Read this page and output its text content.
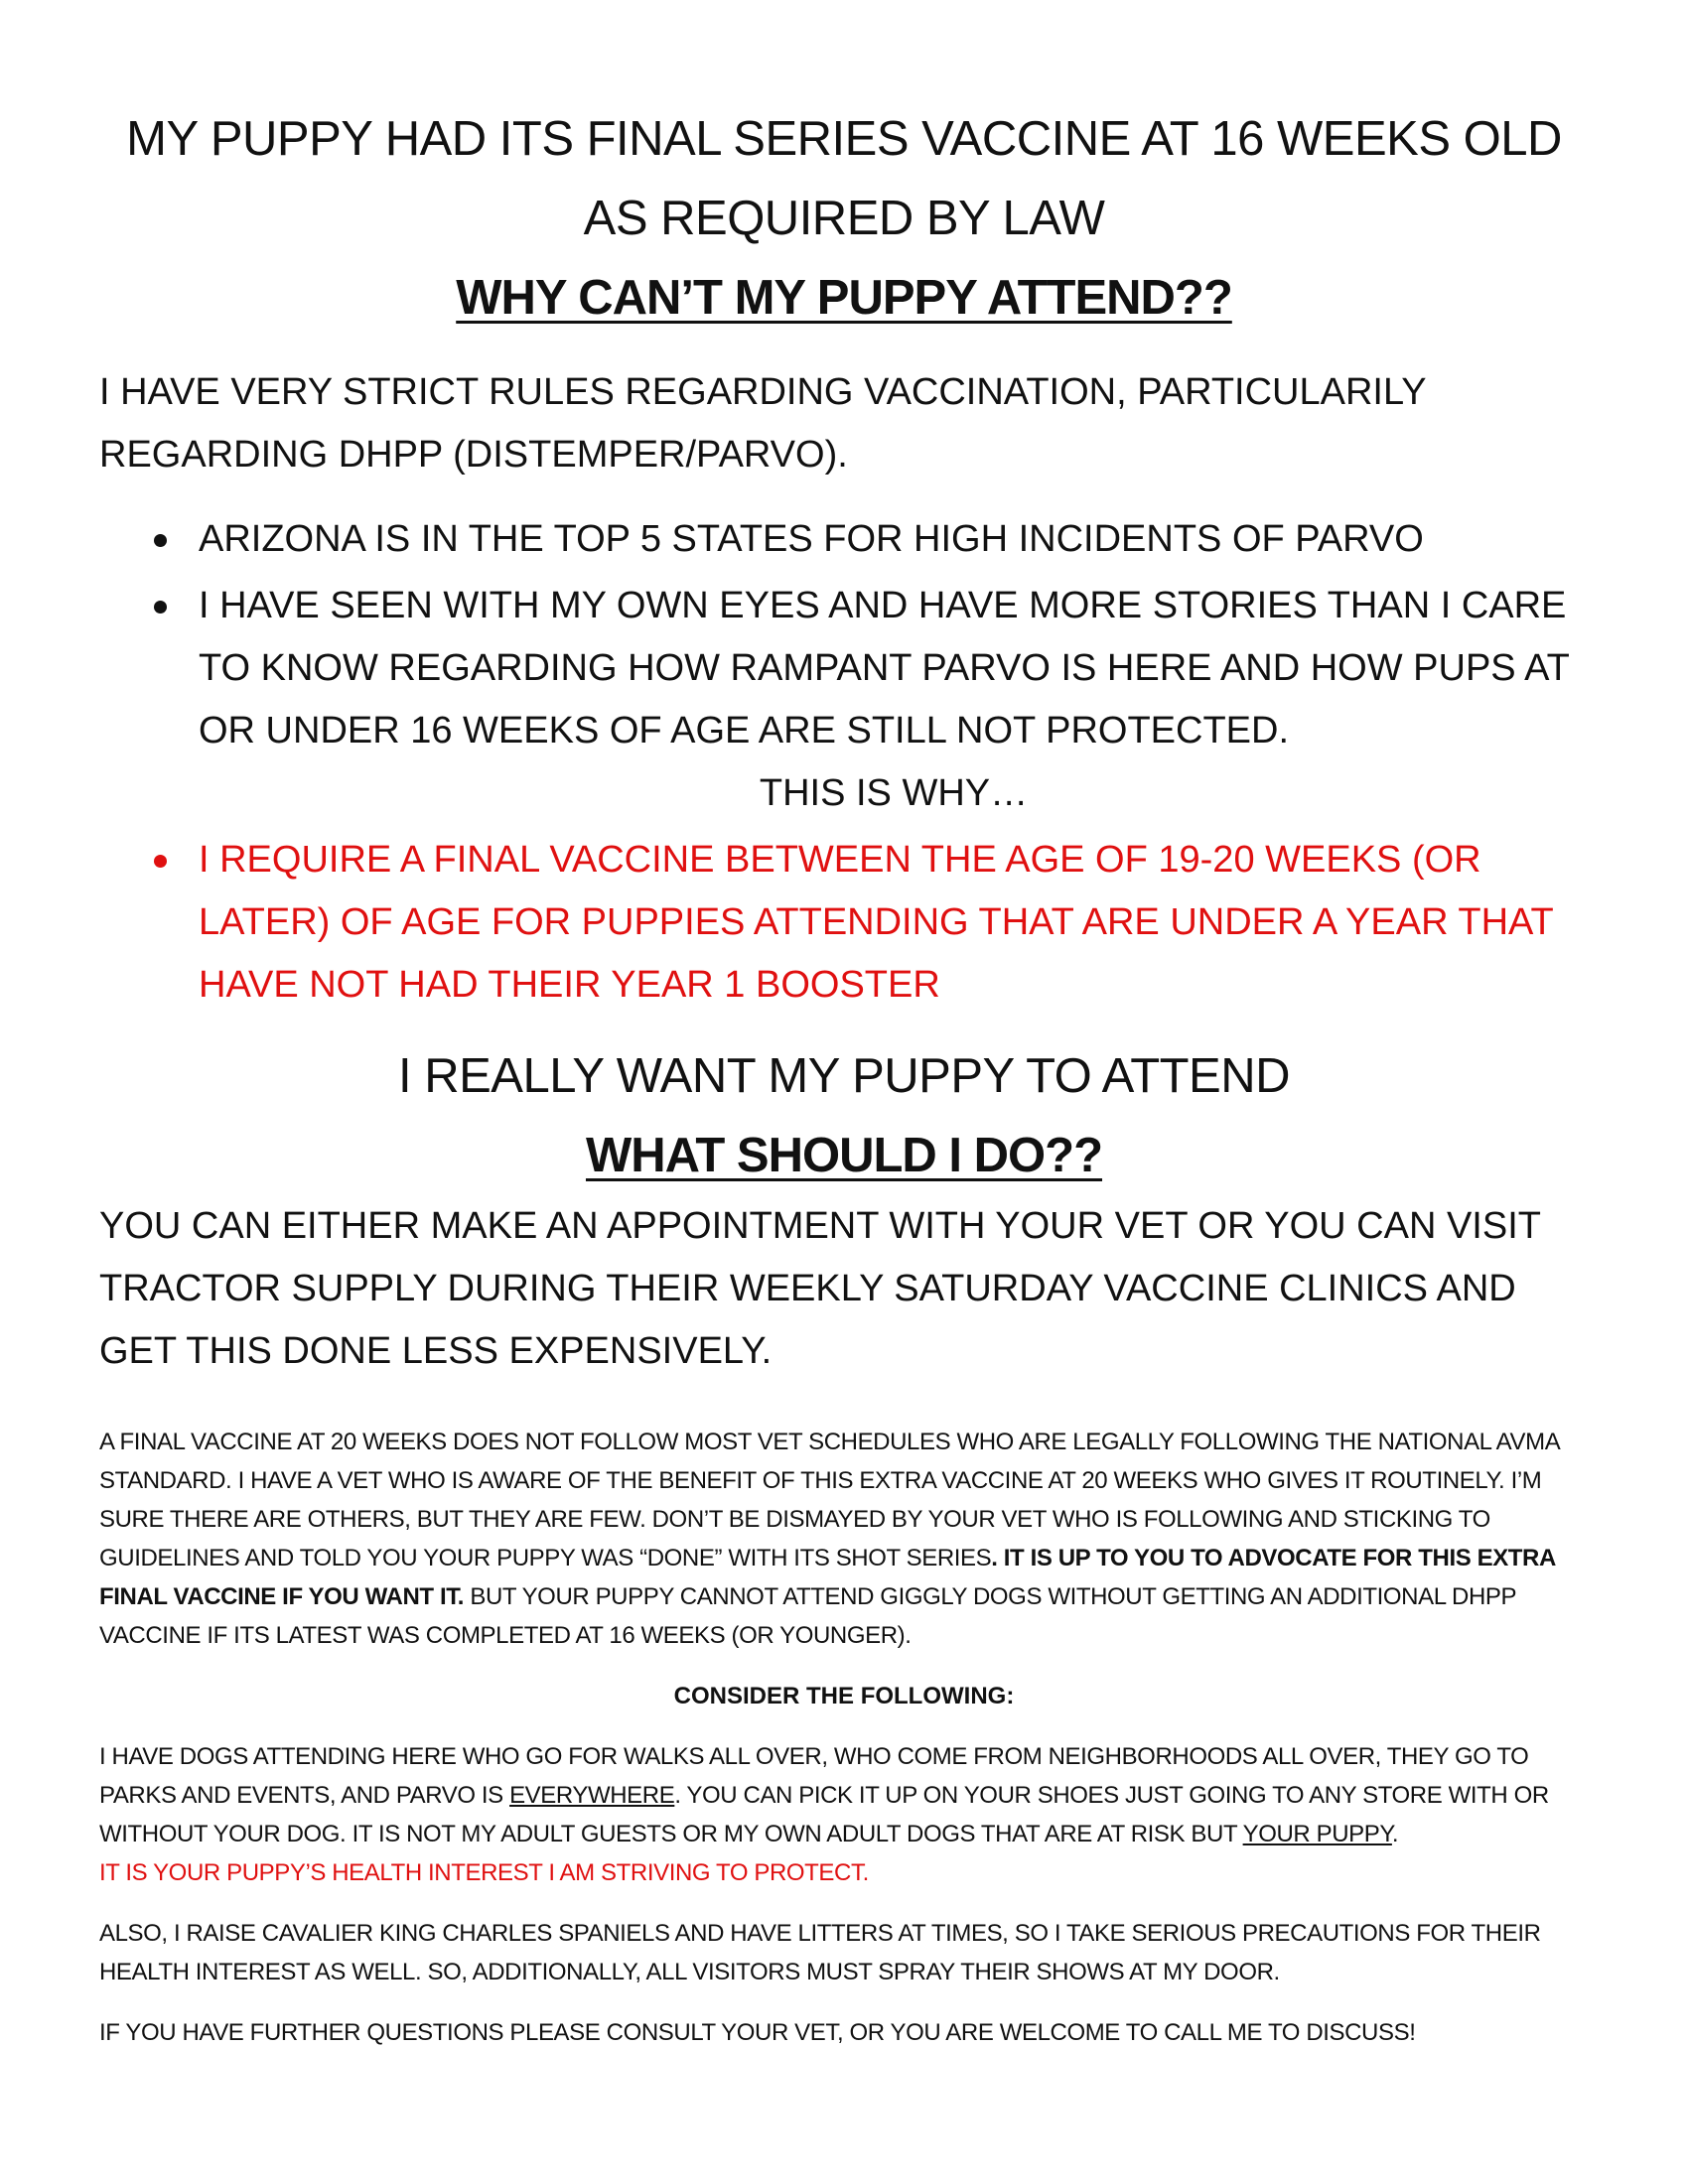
MY PUPPY HAD ITS FINAL SERIES VACCINE AT 16 WEEKS OLD

AS REQUIRED BY LAW

WHY CAN’T MY PUPPY ATTEND??

I HAVE VERY STRICT RULES REGARDING VACCINATION, PARTICULARILY REGARDING DHPP (DISTEMPER/PARVO).

ARIZONA IS IN THE TOP 5 STATES FOR HIGH INCIDENTS OF PARVO
I HAVE SEEN WITH MY OWN EYES AND HAVE MORE STORIES THAN I CARE TO KNOW REGARDING HOW RAMPANT PARVO IS HERE AND HOW PUPS AT OR UNDER 16 WEEKS OF AGE ARE STILL NOT PROTECTED.
THIS IS WHY…
I REQUIRE A FINAL VACCINE BETWEEN THE AGE OF 19-20 WEEKS (OR LATER) OF AGE FOR PUPPIES ATTENDING THAT ARE UNDER A YEAR THAT HAVE NOT HAD THEIR YEAR 1 BOOSTER

I REALLY WANT MY PUPPY TO ATTEND

WHAT SHOULD I DO??

YOU CAN EITHER MAKE AN APPOINTMENT WITH YOUR VET OR YOU CAN VISIT TRACTOR SUPPLY DURING THEIR WEEKLY SATURDAY VACCINE CLINICS AND GET THIS DONE LESS EXPENSIVELY.

A FINAL VACCINE AT 20 WEEKS DOES NOT FOLLOW MOST VET SCHEDULES WHO ARE LEGALLY FOLLOWING THE NATIONAL AVMA STANDARD. I HAVE A VET WHO IS AWARE OF THE BENEFIT OF THIS EXTRA VACCINE AT 20 WEEKS WHO GIVES IT ROUTINELY. I’M SURE THERE ARE OTHERS, BUT THEY ARE FEW. DON’T BE DISMAYED BY YOUR VET WHO IS FOLLOWING AND STICKING TO GUIDELINES AND TOLD YOU YOUR PUPPY WAS “DONE” WITH ITS SHOT SERIES. IT IS UP TO YOU TO ADVOCATE FOR THIS EXTRA FINAL VACCINE IF YOU WANT IT. BUT YOUR PUPPY CANNOT ATTEND GIGGLY DOGS WITHOUT GETTING AN ADDITIONAL DHPP VACCINE IF ITS LATEST WAS COMPLETED AT 16 WEEKS (OR YOUNGER).

CONSIDER THE FOLLOWING:

I HAVE DOGS ATTENDING HERE WHO GO FOR WALKS ALL OVER, WHO COME FROM NEIGHBORHOODS ALL OVER, THEY GO TO PARKS AND EVENTS, AND PARVO IS EVERYWHERE. YOU CAN PICK IT UP ON YOUR SHOES JUST GOING TO ANY STORE WITH OR WITHOUT YOUR DOG. IT IS NOT MY ADULT GUESTS OR MY OWN ADULT DOGS THAT ARE AT RISK BUT YOUR PUPPY.
IT IS YOUR PUPPY’S HEALTH INTEREST I AM STRIVING TO PROTECT.

ALSO, I RAISE CAVALIER KING CHARLES SPANIELS AND HAVE LITTERS AT TIMES, SO I TAKE SERIOUS PRECAUTIONS FOR THEIR HEALTH INTEREST AS WELL. SO, ADDITIONALLY, ALL VISITORS MUST SPRAY THEIR SHOWS AT MY DOOR.

IF YOU HAVE FURTHER QUESTIONS PLEASE CONSULT YOUR VET, OR YOU ARE WELCOME TO CALL ME TO DISCUSS!
